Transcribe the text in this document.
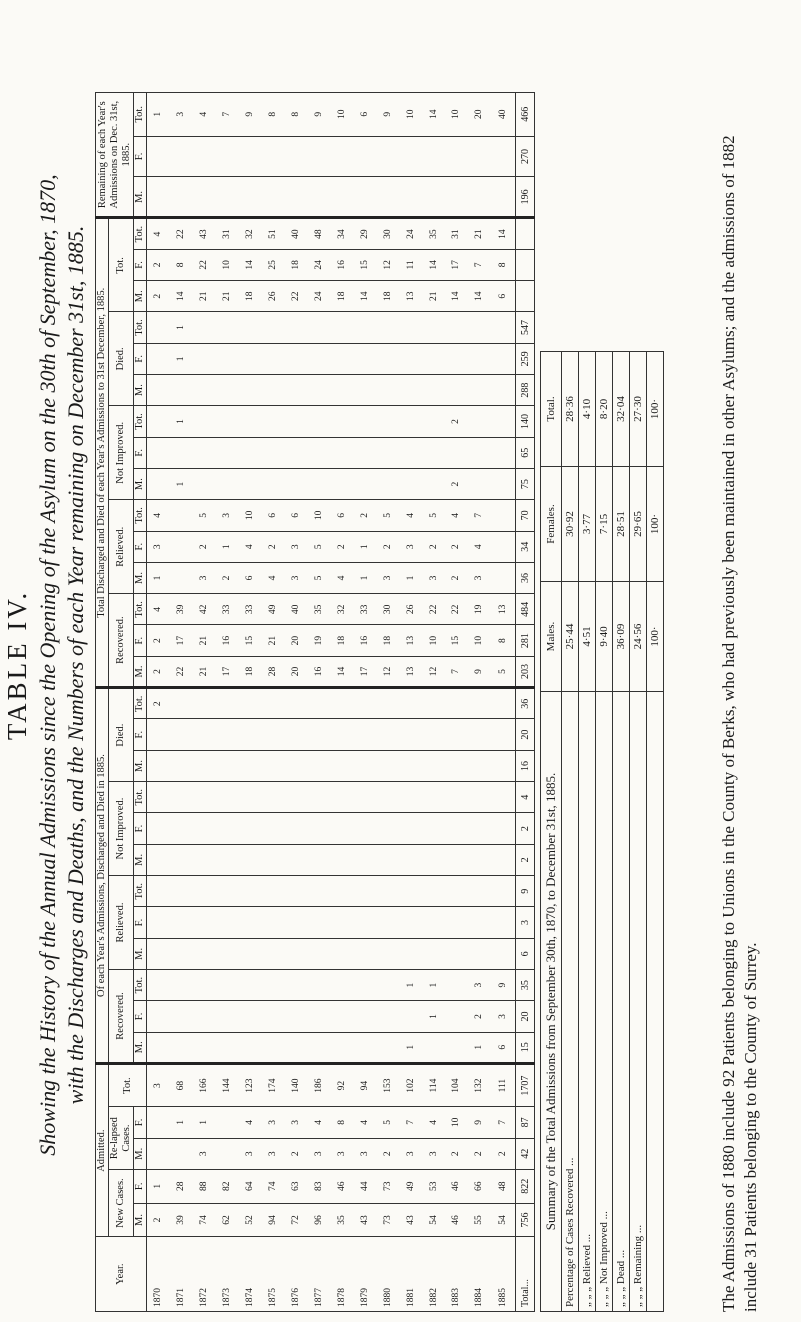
TABLE IV. Showing the History of the Annual Admissions since the Opening of the Asylum on the 30th of September, 1870, with the Discharges and Deaths, and the Numbers of each Year remaining on December 31st, 1885.
Year.	Admitted.					Of each Year's Admissions, Discharged and Died in 1885.												Total Discharged and Died of each Year's Admissions to 31st December, 1885.															Remaining of each Year's Admissions on Dec. 31st, 1885.		
	New Cases.		Re-lapsed Cases.		Tot.	Recovered.			Relieved.			Not Improved.			Died.			Recovered.			Relieved.			Not Improved.			Died.			Tot.					
	M.	F.	M.	F.		M.	F.	Tot.	M.	F.	Tot.	M.	F.	Tot.	M.	F.	Tot.	M.	F.	Tot.	M.	F.	Tot.	M.	F.	Tot.	M.	F.	Tot.	M.	F.	Tot.	M.	F.	Tot.
1870	2	1			3												2	2	2	4	1	3	4							2	2	4			1
1871	39	28		1	68													22	17	39				1		1		1	1	14	8	22			3
1872	74	88	3	1	166													21	21	42	3	2	5							21	22	43			4
1873	62	82			144													17	16	33	2	1	3							21	10	31			7
1874	52	64	3	4	123													18	15	33	6	4	10							18	14	32			9
1875	94	74	3	3	174													28	21	49	4	2	6							26	25	51			8
1876	72	63	2	3	140													20	20	40	3	3	6							22	18	40			8
1877	96	83	3	4	186													16	19	35	5	5	10							24	24	48			9
1878	35	46	3	8	92													14	18	32	4	2	6							18	16	34			10
1879	43	44	3	4	94													17	16	33	1	1	2							14	15	29			6
1880	73	73	2	5	153													12	18	30	3	2	5							18	12	30			9
1881	43	49	3	7	102	1		1										13	13	26	1	3	4							13	11	24			10
1882	54	53	3	4	114		1	1										12	10	22	3	2	5							21	14	35			14
1883	46	46	2	10	104													7	15	22	2	2	4	2		2				14	17	31			10
1884	55	66	2	9	132	1	2	3										9	10	19	3	4	7							14	7	21			20
1885	54	48	2	7	111	6	3	9										5	8	13										6	8	14			40
Total...	756	822	42	87	1707	15	20	35	6	3	9	2	2	4	16	20	36	203	281	484	36	34	70	75	65	140	288	259	547				196	270	466
Summary of the Total Admissions from September 30th, 1870, to December 31st, 1885.	Males.	Females.	Total.
Percentage of Cases Recovered ...	25·44	30·92	28·36
„ „ „ Relieved ...	4·51	3·77	4·10
„ „ „ Not Improved ...	9·40	7·15	8·20
„ „ „ Dead ...	36·09	28·51	32·04
„ „ „ Remaining ...	24·56	29·65	27·30
	100·	100·	100·	The Admissions of 1880 include 92 Patients belonging to Unions in the County of Berks, who had previously been maintained in other Asylums; and the admissions of 1882 include 31 Patients belonging to the County of Surrey.
